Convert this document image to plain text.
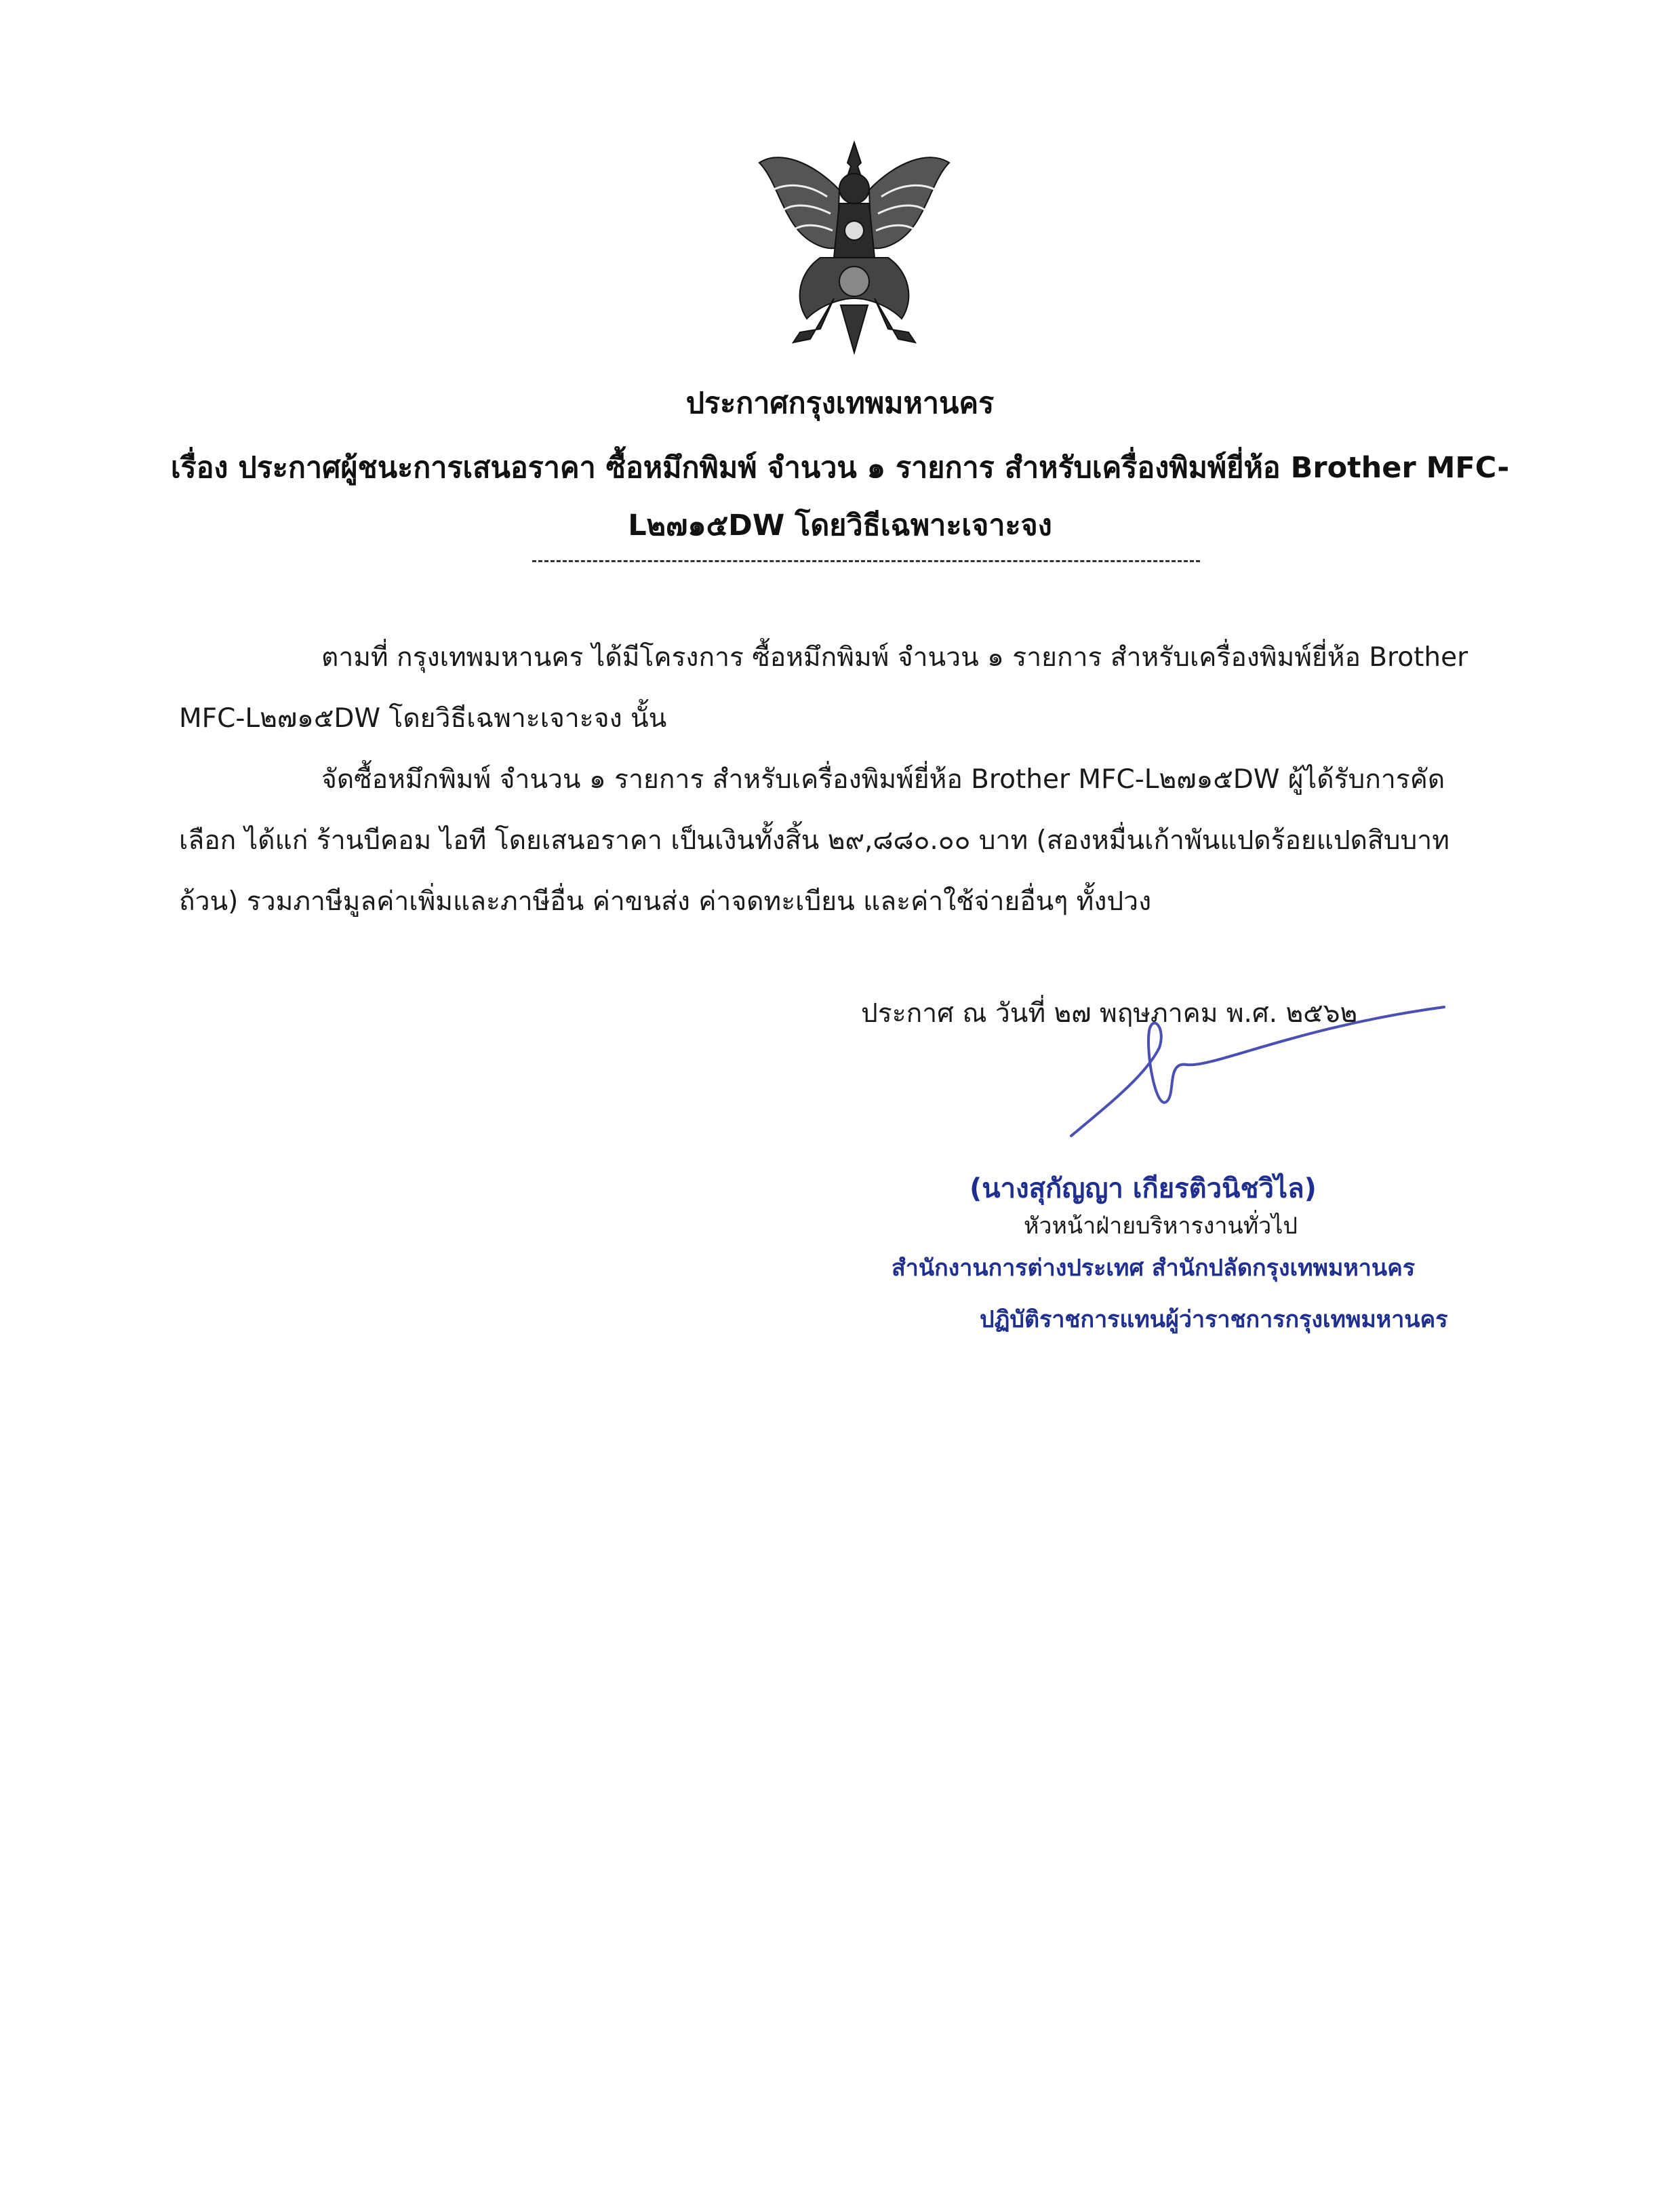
ประกาศกรุงเทพมหานคร
เรื่อง ประกาศผู้ชนะการเสนอราคา ซื้อหมึกพิมพ์ จำนวน ๑ รายการ สำหรับเครื่องพิมพ์ยี่ห้อ Brother MFC-
L๒๗๑๕DW โดยวิธีเฉพาะเจาะจง
ตามที่ กรุงเทพมหานคร ได้มีโครงการ ซื้อหมึกพิมพ์ จำนวน ๑ รายการ สำหรับเครื่องพิมพ์ยี่ห้อ Brother
MFC-L๒๗๑๕DW โดยวิธีเฉพาะเจาะจง นั้น
จัดซื้อหมึกพิมพ์ จำนวน ๑ รายการ สำหรับเครื่องพิมพ์ยี่ห้อ Brother MFC-L๒๗๑๕DW ผู้ได้รับการคัด
เลือก ได้แก่ ร้านบีคอม ไอที โดยเสนอราคา เป็นเงินทั้งสิ้น ๒๙,๘๘๐.๐๐ บาท (สองหมื่นเก้าพันแปดร้อยแปดสิบบาท
ถ้วน) รวมภาษีมูลค่าเพิ่มและภาษีอื่น ค่าขนส่ง ค่าจดทะเบียน และค่าใช้จ่ายอื่นๆ ทั้งปวง
ประกาศ ณ วันที่ ๒๗ พฤษภาคม พ.ศ. ๒๕๖๒
(นางสุกัญญา เกียรติวนิชวิไล)
หัวหน้าฝ่ายบริหารงานทั่วไป
สำนักงานการต่างประเทศ สำนักปลัดกรุงเทพมหานคร
ปฏิบัติราชการแทนผู้ว่าราชการกรุงเทพมหานคร
